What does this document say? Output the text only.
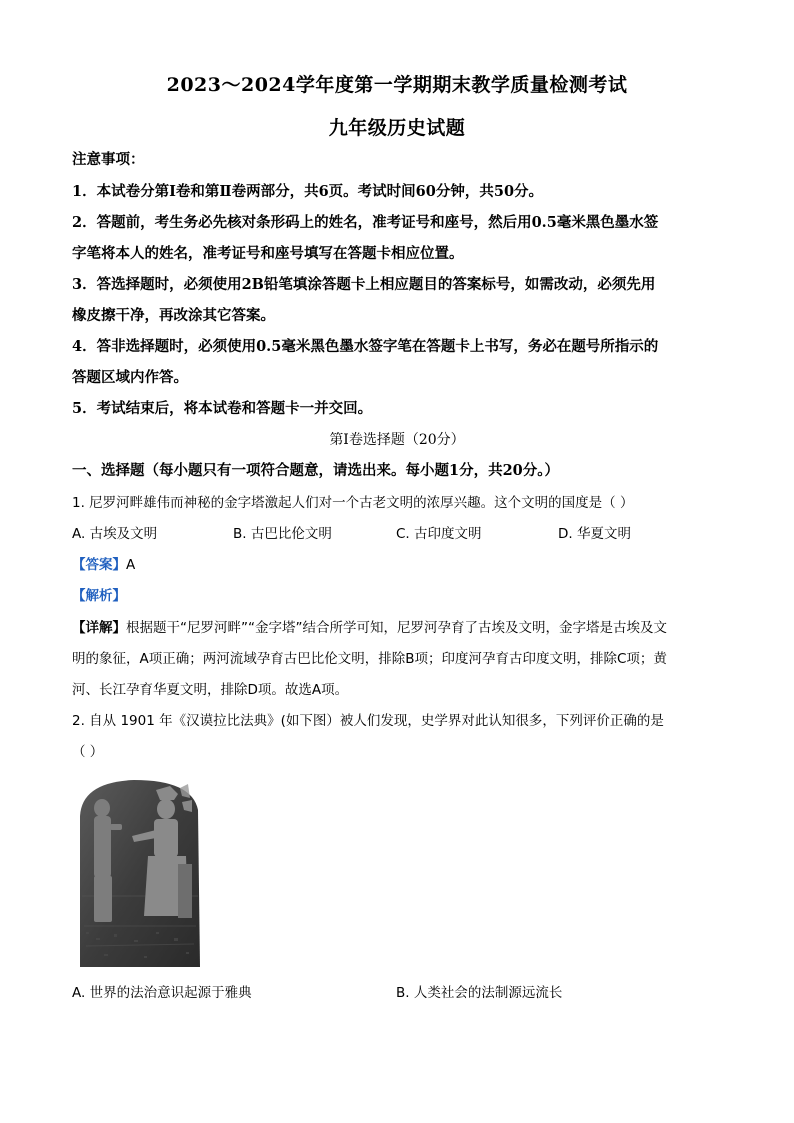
2023～2024学年度第一学期期末教学质量检测考试
九年级历史试题
注意事项：
1．本试卷分第Ⅰ卷和第Ⅱ卷两部分，共6页。考试时间60分钟，共50分。
2．答题前，考生务必先核对条形码上的姓名，准考证号和座号，然后用0.5毫米黑色墨水签
字笔将本人的姓名，准考证号和座号填写在答题卡相应位置。
3．答选择题时，必须使用2B铅笔填涂答题卡上相应题目的答案标号，如需改动，必须先用
橡皮擦干净，再改涂其它答案。
4．答非选择题时，必须使用0.5毫米黑色墨水签字笔在答题卡上书写，务必在题号所指示的
答题区域内作答。
5．考试结束后，将本试卷和答题卡一并交回。
第Ⅰ卷选择题（20分）
一、选择题（每小题只有一项符合题意，请选出来。每小题1分，共20分。）
1. 尼罗河畔雄伟而神秘的金字塔激起人们对一个古老文明的浓厚兴趣。这个文明的国度是（ ）
A. 古埃及文明	B. 古巴比伦文明	C. 古印度文明	D. 华夏文明
【答案】A
【解析】
【详解】根据题干“尼罗河畔”“金字塔”结合所学可知，尼罗河孕育了古埃及文明，金字塔是古埃及文
明的象征，A项正确；两河流域孕育古巴比伦文明，排除B项；印度河孕育古印度文明，排除C项；黄
河、长江孕育华夏文明，排除D项。故选A项。
2. 自从 1901 年《汉谟拉比法典》(如下图）被人们发现，史学界对此认知很多，下列评价正确的是
（ ）
A. 世界的法治意识起源于雅典	B. 人类社会的法制源远流长
